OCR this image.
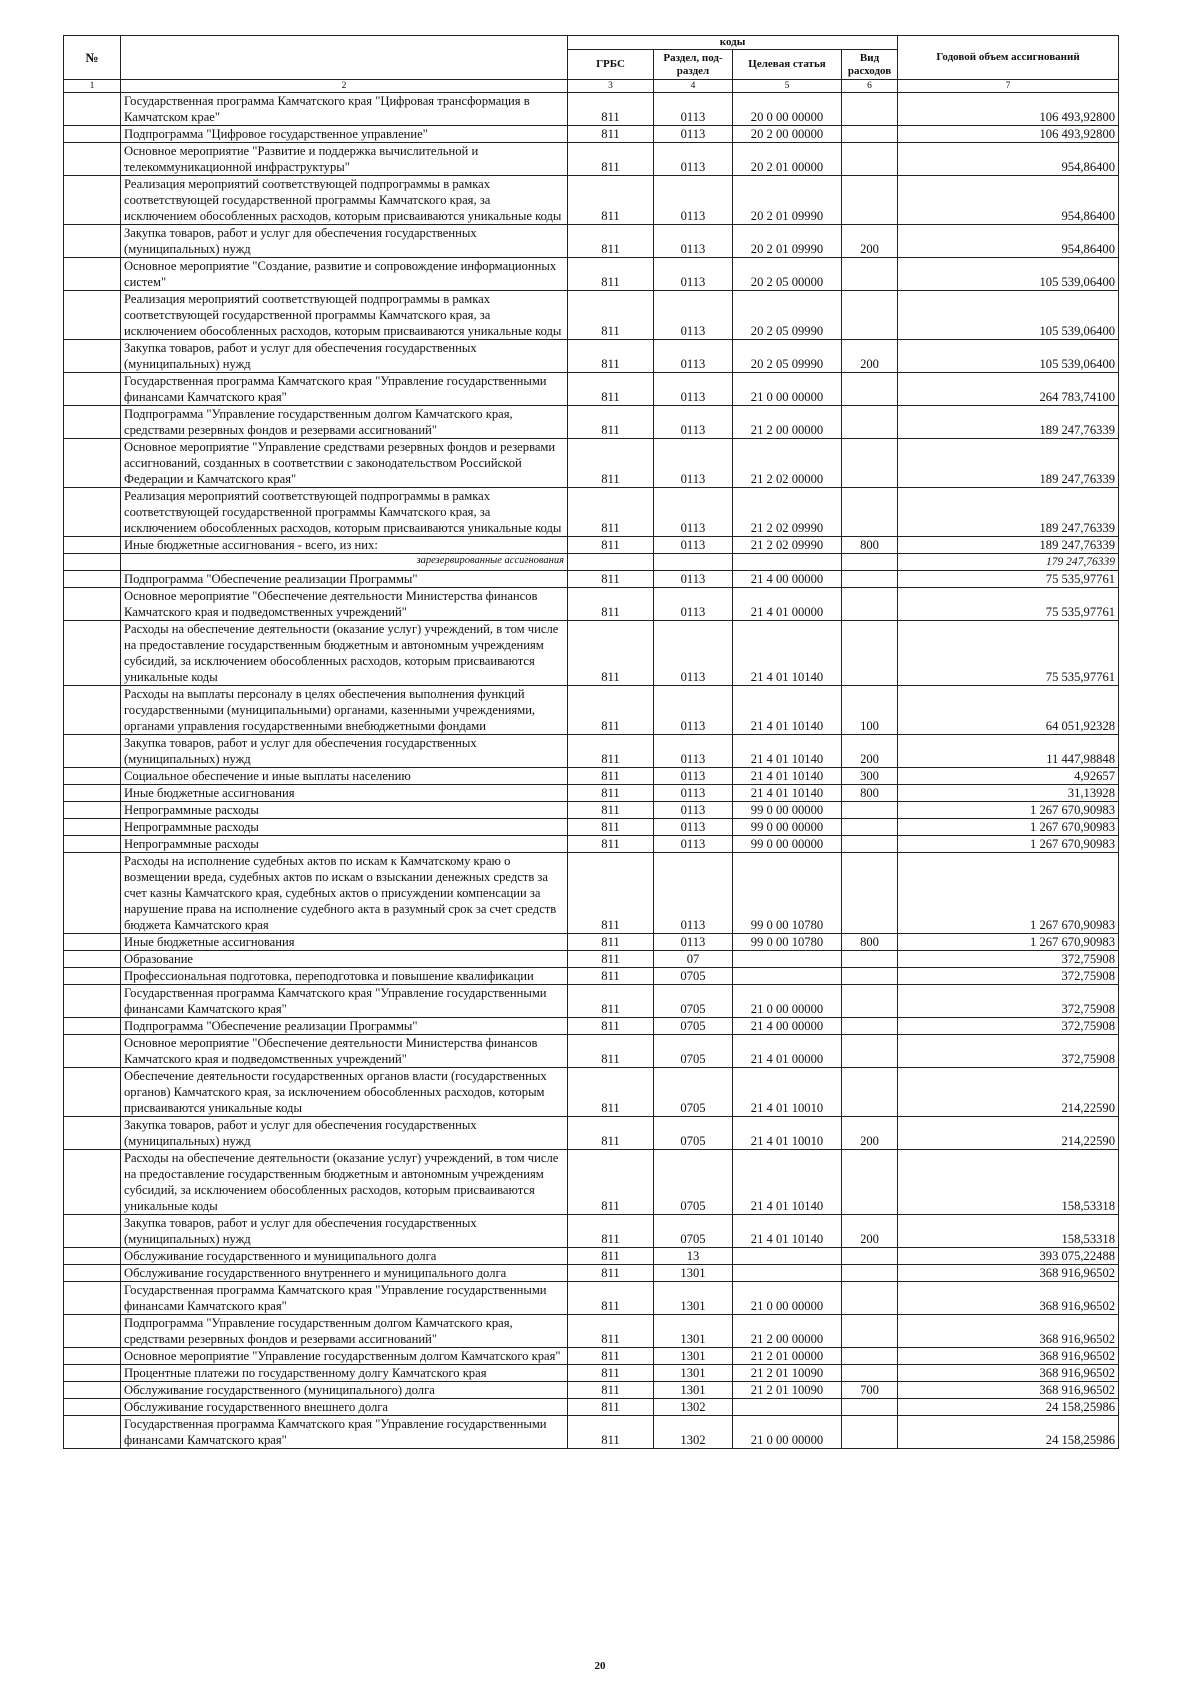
№		коды				Годовой объем ассигнований
		ГРБС	Раздел, под-раздел	Целевая статья	Вид расходов	
1	2	3	4	5	6	7
	Государственная программа Камчатского края "Цифровая трансформация в Камчатском крае"	811	0113	20 0 00 00000		106 493,92800
	Подпрограмма "Цифровое государственное управление"	811	0113	20 2 00 00000		106 493,92800
	Основное мероприятие "Развитие и поддержка вычислительной и телекоммуникационной инфраструктуры"	811	0113	20 2 01 00000		954,86400
	Реализация мероприятий соответствующей подпрограммы в рамках соответствующей государственной программы Камчатского края, за исключением обособленных расходов, которым присваиваются уникальные коды	811	0113	20 2 01 09990		954,86400
	Закупка товаров, работ и услуг для обеспечения государственных (муниципальных) нужд	811	0113	20 2 01 09990	200	954,86400
	Основное мероприятие "Создание, развитие и сопровождение информационных систем"	811	0113	20 2 05 00000		105 539,06400
	Реализация мероприятий соответствующей подпрограммы в рамках соответствующей государственной программы Камчатского края, за исключением обособленных расходов, которым присваиваются уникальные коды	811	0113	20 2 05 09990		105 539,06400
	Закупка товаров, работ и услуг для обеспечения государственных (муниципальных) нужд	811	0113	20 2 05 09990	200	105 539,06400
	Государственная программа Камчатского края "Управление государственными финансами Камчатского края"	811	0113	21 0 00 00000		264 783,74100
	Подпрограмма "Управление государственным долгом Камчатского края, средствами резервных фондов и резервами ассигнований"	811	0113	21 2 00 00000		189 247,76339
	Основное мероприятие "Управление средствами резервных фондов и резервами ассигнований, созданных в соответствии с законодательством Российской Федерации и Камчатского края"	811	0113	21 2 02 00000		189 247,76339
	Реализация мероприятий соответствующей подпрограммы в рамках соответствующей государственной программы Камчатского края, за исключением обособленных расходов, которым присваиваются уникальные коды	811	0113	21 2 02 09990		189 247,76339
	Иные бюджетные ассигнования - всего, из них:	811	0113	21 2 02 09990	800	189 247,76339
	зарезервированные ассигнования					179 247,76339
	Подпрограмма "Обеспечение реализации Программы"	811	0113	21 4 00 00000		75 535,97761
	Основное мероприятие "Обеспечение деятельности Министерства финансов Камчатского края и подведомственных учреждений"	811	0113	21 4 01 00000		75 535,97761
	Расходы на обеспечение деятельности (оказание услуг) учреждений, в том числе на предоставление государственным бюджетным и автономным учреждениям субсидий, за исключением обособленных расходов, которым присваиваются уникальные коды	811	0113	21 4 01 10140		75 535,97761
	Расходы на выплаты персоналу в целях обеспечения выполнения функций государственными (муниципальными) органами, казенными учреждениями, органами управления государственными внебюджетными фондами	811	0113	21 4 01 10140	100	64 051,92328
	Закупка товаров, работ и услуг для обеспечения государственных (муниципальных) нужд	811	0113	21 4 01 10140	200	11 447,98848
	Социальное обеспечение и иные выплаты населению	811	0113	21 4 01 10140	300	4,92657
	Иные бюджетные ассигнования	811	0113	21 4 01 10140	800	31,13928
	Непрограммные расходы	811	0113	99 0 00 00000		1 267 670,90983
	Непрограммные расходы	811	0113	99 0 00 00000		1 267 670,90983
	Непрограммные расходы	811	0113	99 0 00 00000		1 267 670,90983
	Расходы на исполнение судебных актов по искам к Камчатскому краю о возмещении вреда, судебных актов по искам о взыскании денежных средств за счет казны Камчатского края, судебных актов о присуждении компенсации за нарушение права на исполнение судебного акта в разумный срок за счет средств бюджета Камчатского края	811	0113	99 0 00 10780		1 267 670,90983
	Иные бюджетные ассигнования	811	0113	99 0 00 10780	800	1 267 670,90983
	Образование	811	07			372,75908
	Профессиональная подготовка, переподготовка и повышение квалификации	811	0705			372,75908
	Государственная программа Камчатского края "Управление государственными финансами Камчатского края"	811	0705	21 0 00 00000		372,75908
	Подпрограмма "Обеспечение реализации Программы"	811	0705	21 4 00 00000		372,75908
	Основное мероприятие "Обеспечение деятельности Министерства финансов Камчатского края и подведомственных учреждений"	811	0705	21 4 01 00000		372,75908
	Обеспечение деятельности государственных органов власти (государственных органов) Камчатского края, за исключением обособленных расходов, которым присваиваются уникальные коды	811	0705	21 4 01 10010		214,22590
	Закупка товаров, работ и услуг для обеспечения государственных (муниципальных) нужд	811	0705	21 4 01 10010	200	214,22590
	Расходы на обеспечение деятельности (оказание услуг) учреждений, в том числе на предоставление государственным бюджетным и автономным учреждениям субсидий, за исключением обособленных расходов, которым присваиваются уникальные коды	811	0705	21 4 01 10140		158,53318
	Закупка товаров, работ и услуг для обеспечения государственных (муниципальных) нужд	811	0705	21 4 01 10140	200	158,53318
	Обслуживание государственного и муниципального долга	811	13			393 075,22488
	Обслуживание государственного внутреннего и муниципального долга	811	1301			368 916,96502
	Государственная программа Камчатского края "Управление государственными финансами Камчатского края"	811	1301	21 0 00 00000		368 916,96502
	Подпрограмма "Управление государственным долгом Камчатского края, средствами резервных фондов и резервами ассигнований"	811	1301	21 2 00 00000		368 916,96502
	Основное мероприятие "Управление государственным долгом Камчатского края"	811	1301	21 2 01 00000		368 916,96502
	Процентные платежи по государственному долгу Камчатского края	811	1301	21 2 01 10090		368 916,96502
	Обслуживание государственного (муниципального) долга	811	1301	21 2 01 10090	700	368 916,96502
	Обслуживание государственного внешнего долга	811	1302			24 158,25986
	Государственная программа Камчатского края "Управление государственными финансами Камчатского края"	811	1302	21 0 00 00000		24 158,25986
20
